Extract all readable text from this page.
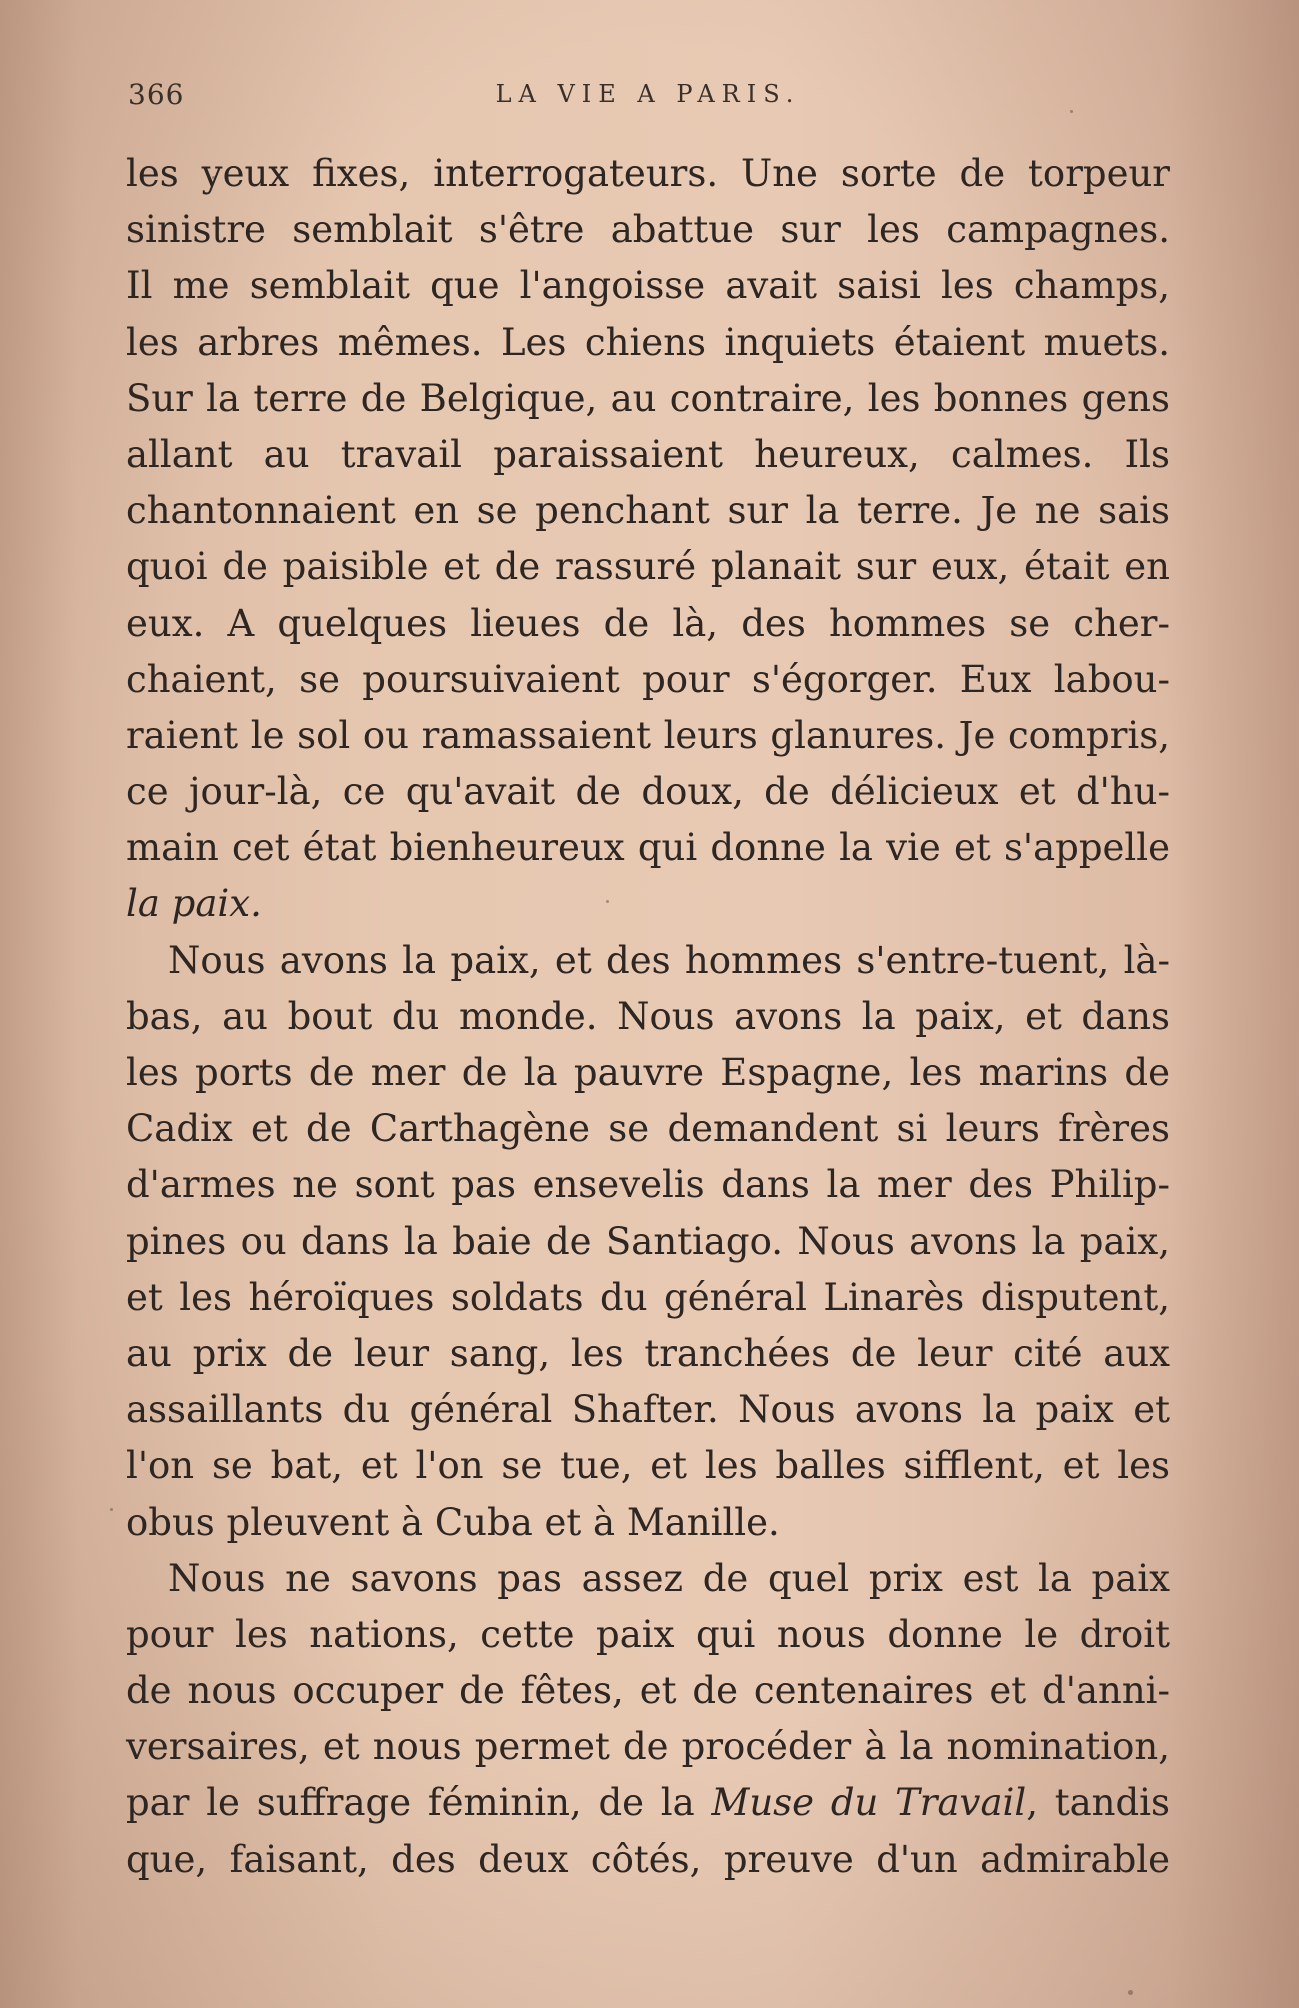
366	LA VIE A PARIS.
les yeux fixes, interrogateurs. Une sorte de torpeur
sinistre semblait s'être abattue sur les campagnes.
Il me semblait que l'angoisse avait saisi les champs,
les arbres mêmes. Les chiens inquiets étaient muets.
Sur la terre de Belgique, au contraire, les bonnes gens
allant au travail paraissaient heureux, calmes. Ils
chantonnaient en se penchant sur la terre. Je ne sais
quoi de paisible et de rassuré planait sur eux, était en
eux. A quelques lieues de là, des hommes se cher-
chaient, se poursuivaient pour s'égorger. Eux labou-
raient le sol ou ramassaient leurs glanures. Je compris,
ce jour-là, ce qu'avait de doux, de délicieux et d'hu-
main cet état bienheureux qui donne la vie et s'appelle
la paix.
Nous avons la paix, et des hommes s'entre-tuent, là-
bas, au bout du monde. Nous avons la paix, et dans
les ports de mer de la pauvre Espagne, les marins de
Cadix et de Carthagène se demandent si leurs frères
d'armes ne sont pas ensevelis dans la mer des Philip-
pines ou dans la baie de Santiago. Nous avons la paix,
et les héroïques soldats du général Linarès disputent,
au prix de leur sang, les tranchées de leur cité aux
assaillants du général Shafter. Nous avons la paix et
l'on se bat, et l'on se tue, et les balles sifflent, et les
obus pleuvent à Cuba et à Manille.
Nous ne savons pas assez de quel prix est la paix
pour les nations, cette paix qui nous donne le droit
de nous occuper de fêtes, et de centenaires et d'anni-
versaires, et nous permet de procéder à la nomination,
par le suffrage féminin, de la Muse du Travail, tandis
que, faisant, des deux côtés, preuve d'un admirable
